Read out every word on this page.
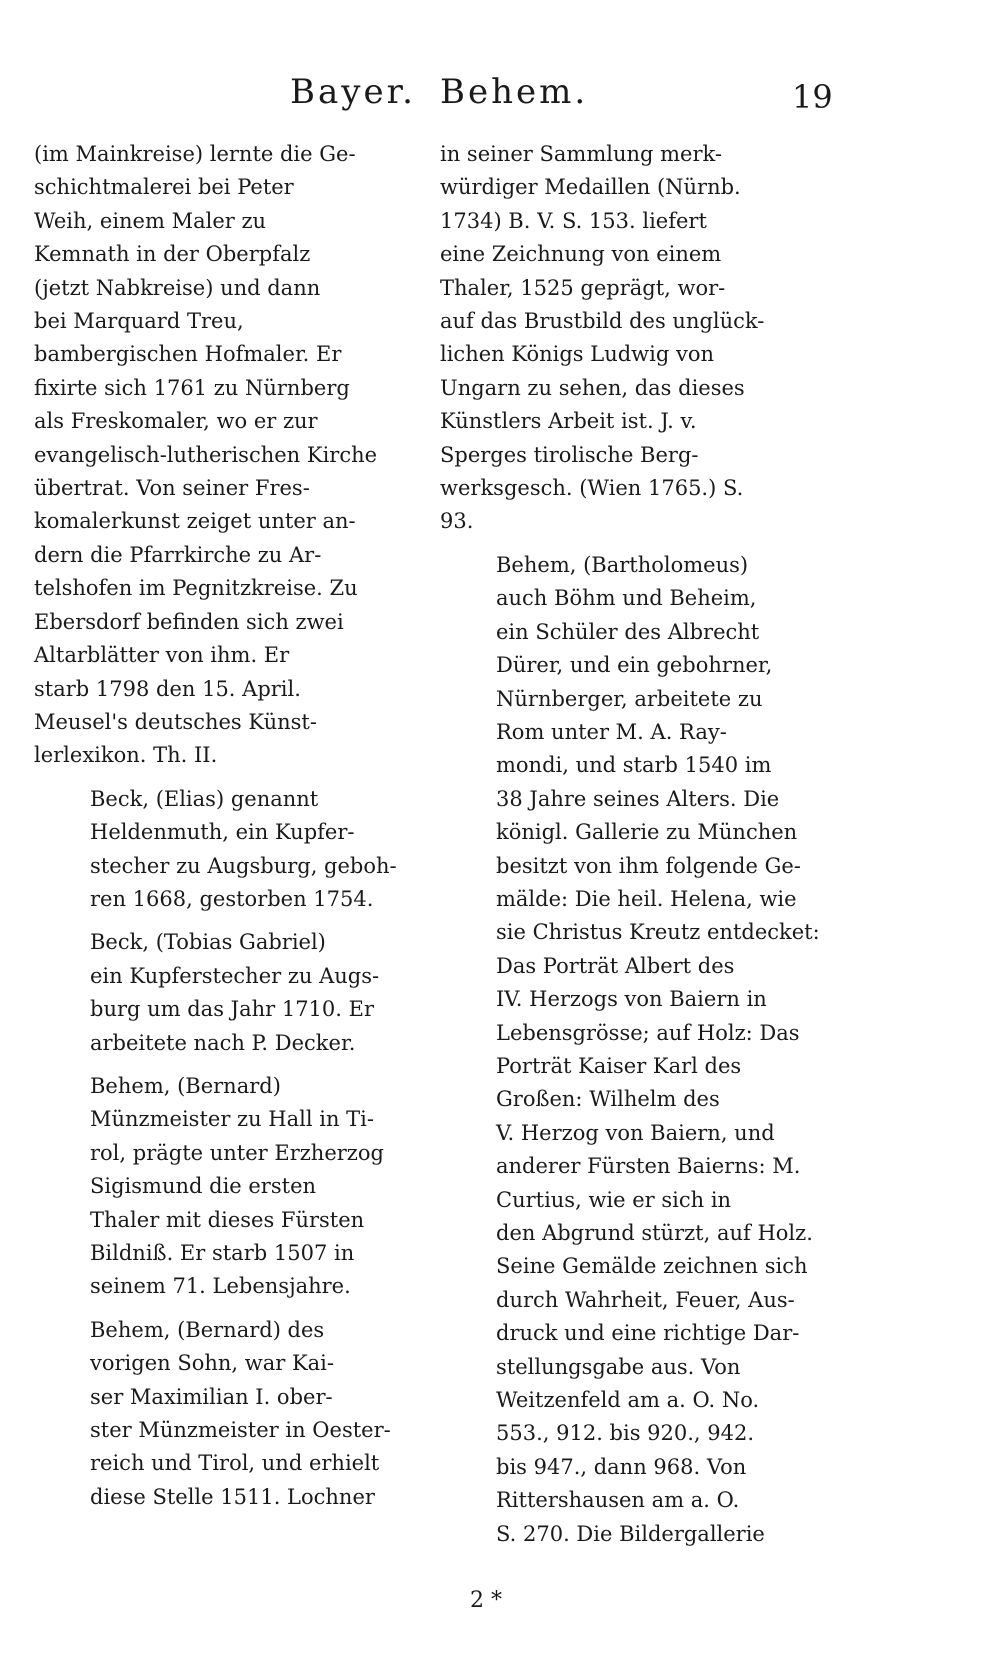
Bayer. Behem.	19
(im Mainkreise) lernte die Ge-
schichtmalerei bei Peter
Weih, einem Maler zu
Kemnath in der Oberpfalz
(jetzt Nabkreise) und dann
bei Marquard Treu,
bambergischen Hofmaler. Er
fixirte sich 1761 zu Nürnberg
als Freskomaler, wo er zur
evangelisch-lutherischen Kirche
übertrat. Von seiner Fres-
komalerkunst zeiget unter an-
dern die Pfarrkirche zu Ar-
telshofen im Pegnitzkreise. Zu
Ebersdorf befinden sich zwei
Altarblätter von ihm. Er
starb 1798 den 15. April.
Meusel's deutsches Künst-
lerlexikon. Th. II.
Beck, (Elias) genannt
Heldenmuth, ein Kupfer-
stecher zu Augsburg, geboh-
ren 1668, gestorben 1754.
Beck, (Tobias Gabriel)
ein Kupferstecher zu Augs-
burg um das Jahr 1710. Er
arbeitete nach P. Decker.
Behem, (Bernard)
Münzmeister zu Hall in Ti-
rol, prägte unter Erzherzog
Sigismund die ersten
Thaler mit dieses Fürsten
Bildniß. Er starb 1507 in
seinem 71. Lebensjahre.
Behem, (Bernard) des
vorigen Sohn, war Kai-
ser Maximilian I. ober-
ster Münzmeister in Oester-
reich und Tirol, und erhielt
diese Stelle 1511. Lochner
in seiner Sammlung merk-
würdiger Medaillen (Nürnb.
1734) B. V. S. 153. liefert
eine Zeichnung von einem
Thaler, 1525 geprägt, wor-
auf das Brustbild des unglück-
lichen Königs Ludwig von
Ungarn zu sehen, das dieses
Künstlers Arbeit ist. J. v.
Sperges tirolische Berg-
werksgesch. (Wien 1765.) S.
93.
Behem, (Bartholomeus)
auch Böhm und Beheim,
ein Schüler des Albrecht
Dürer, und ein gebohrner,
Nürnberger, arbeitete zu
Rom unter M. A. Ray-
mondi, und starb 1540 im
38 Jahre seines Alters. Die
königl. Gallerie zu München
besitzt von ihm folgende Ge-
mälde: Die heil. Helena, wie
sie Christus Kreutz entdecket:
Das Porträt Albert des
IV. Herzogs von Baiern in
Lebensgrösse; auf Holz: Das
Porträt Kaiser Karl des
Großen: Wilhelm des
V. Herzog von Baiern, und
anderer Fürsten Baierns: M.
Curtius, wie er sich in
den Abgrund stürzt, auf Holz.
Seine Gemälde zeichnen sich
durch Wahrheit, Feuer, Aus-
druck und eine richtige Dar-
stellungsgabe aus. Von
Weitzenfeld am a. O. No.
553., 912. bis 920., 942.
bis 947., dann 968. Von
Rittershausen am a. O.
S. 270. Die Bildergallerie
2 *
